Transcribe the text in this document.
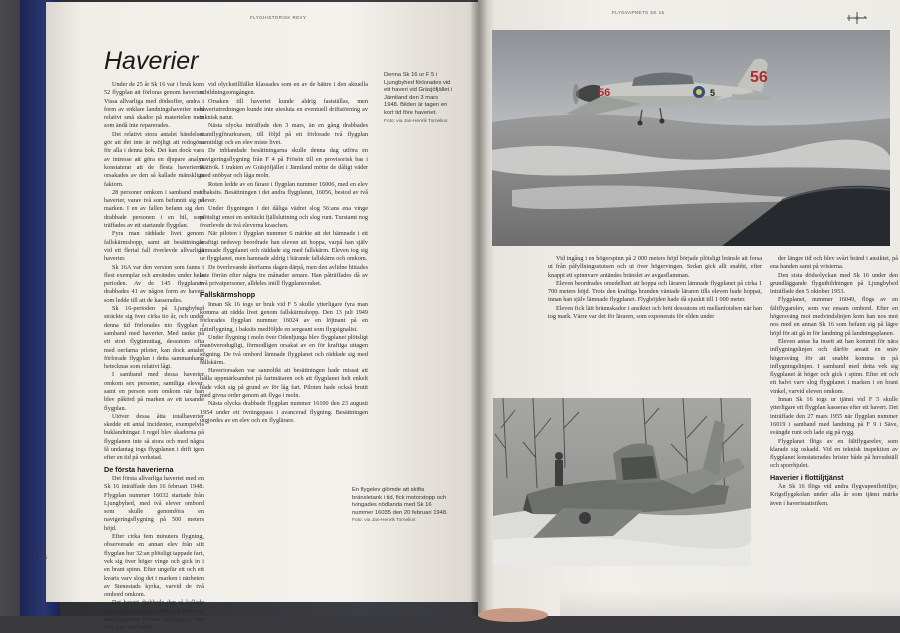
FLYGHISTORISK REVY
Haverier

Under de 25 år Sk 16 var i bruk kom 52 flygplan att förloras genom haverier. Vissa allvarliga med dödsoffer, andra i form av enklare landningshaverier med relativt små skador på materielen men som ändå inte reparerades.

Det relativt stora antalet händelser gör att det inte är möjligt att redogöra för alla i denna bok. Det kan dock vara av intresse att göra en djupare analys konstaterar att de flesta haverierna orsakades av den så kallade mänskliga faktorn.

28 personer omkom i samband med haverier, varav två som befunnit sig på marken. I en av fallen befann sig den drabbade personen i en bil, som träffades av ett startande flygplan.

Fyra man räddade livet genom fallskärmshopp, samt att besättningar vid ett flertal fall överlevde allvarliga haverier.

Sk 16A var den version som fanns i flest exemplar och användes under hela perioden. Av de 145 flygplanen drabbades 41 av någon form av haveri som ledde till att de kasserades.

Sk 16-perioden på Ljungbyhed sträckte sig över cirka tio år, och under denna tid förlorades nio flygplan i samband med haverier. Med tanke på ett stort flygtimuttag, dessutom ofta med oerfarna piloter, kan dock antalet förlorade flygplan i detta sammanhang betecknas som relativt lågt.

I samband med dessa haverier omkom sex personer, samtliga elever, samt en person som omkom när han blev påkörd på marken av ett taxande flygplan.

Utöver dessa åtta totalhaverier skedde ett antal incidenter, exempelvis buklandningar. I regel blev skadorna på flygplanen inte så stora och med några få undantag togs flygplanen i drift igen efter en tid på verkstad.

De första haverierna

Det första allvarliga haveriet med en Sk 16 inträffade den 16 februari 1948. Flygplan nummer 16032 startade från Ljungbyhed, med två elever ombord som skulle genomföra en navigeringsflygning på 500 meters höjd.

Efter cirka fem minuters flygning, observerade en annan elev från sitt flygplan hur 32:an plötsligt tappade fart, vek sig över höger vinge och gick in i en brant spinn. Efter ungefär ett och ett kvarts varv slog det i marken i närheten av Stenestads kyrka, varvid de två ombord omkom.

Det haveri drabbade den så kallade stamflygskolan, som utbildade blivande stamflygförare (senare fältflygare). Den elev som var förare

vid olyckstillfället klassades som en av de bättre i den aktuella utbildningsomgången.

Orsaken till haveriet kunde aldrig fastställas, men haveriutredningen kunde inte utesluta en eventuell driftstörning av teknisk natur.

Nästa olycka inträffade den 3 mars, än en gång drabbades stamflygförarkursen, till följd på ett förlorade två flygplan samtidigt och en elev miste livet.

De inblandade besättningarna skulle denna dag utföra en navigeringsflygning från F 4 på Frösön till en provisorisk bas i Rättvik. I trakten av Gräsjöfjället i Jämtland mötte de dåligt väder med snöbyar och låga moln.

Roten ledde av en färare i flygplan nummer 16006, med en elev i baksits. Besättningen i det andra flygplanet, 16056, bestod av två elever.

Under flygningen i det dåliga vädret slog 56:ans ena vinge plötsligt emot en snötäckt fjällsluttning och slog runt. Turstamt nog överlevde de två eleverna kraschen.

När piloten i flygplan nummer 6 märkte att det hämnade i ett kraftigt nedsvep beordrade han eleven att hoppa, varpå han själv lämnade flygplanet och räddade sig med fallskärm. Eleven tog sig ur flygplanet, men hamnade aldrig i bärande fallskärm och omkom.

De överlevande återfanns dagen därpå, men den avlidne hittades inte förrän efter några tre månader senare. Han påträffades då av två privatpersoner, alldeles intill flygplansvraket.

Fallskärmshopp

Innan Sk 16 togs ur bruk vid F 5 skulle ytterligare fyra man komma att rädda livet genom fallskärmshopp. Den 13 juli 1949 förlorades flygplan nummer 16024 av en löjtnant på en rutinflygning, i baksits medföljde en sergeant som flygsignalist.

Under flygning i moln över Odenljunga blev flygplanet plötsligt manöverodugligt, förmodligen orsakat av en för kraftiga uttagen stigning. De två ombord lämnade flygplanet och räddade sig med fallskärm.

Haveriorsaken var sannolikt att besättningen hade missat att hålla uppmärksamhet på fartmätaren och att flygplanet helt enkelt hade vikit sig på grund av för låg fart. Piloten hade också brutit med givna order genom att flyga i moln.

Nästa olycka drabbade flygplan nummer 16100 den 23 augusti 1954 under ett övningspass i avancerad flygning. Besättningen utgjordes av en elev och en flyglärare.

Denna Sk 16 ur F 5 i Ljungbyhed förlorades vid ett haveri vid Gräsjöfjället i Jämtland den 3 mars 1948. Bilden är tagen en kort tid före haveriet.
Foto: via Jan-Henrik Tornelius
En flygelev glömde att skifta bränsletank i tid, fick motorstopp och tvingades nödlanda med Sk 16 nummer 16035 den 20 februari 1948.
Foto: via Jan-Henrik Tornelius
106
FLYGVAPNETS SK 16
56
56
5

Vid ingång i en högerspinn på 2 000 meters höjd började plötsligt bränsle att forsa ut från påfyllningsstutsen och ut över högervingen. Sedan gick allt snabbt, efter knappt ett spinnvarv antändes bränslet av avgasflamman.

Eleven beordrades omedelbart att hoppa och läraren lämnade flygplanet på cirka 1 700 meters höjd. Trots den kraftiga branden väntade läraren tills eleven hade hoppat, innan han själv lämnade flygplanet. Flyghöjden hade då sjunkit till 1 000 meter.

Eleven fick lätt brännskador i ansiktet och bröt dessutom ett mellanfotsben när han tog mark. Värre var det för läraren, som exponerats för elden under

der längre tid och blev svårt bränd i ansiktet, på ena handen samt på vristerna.

Den sista dödsolyckan med Sk 16 under den grundläggande flygutbildningen på Ljungbyhed inträffade den 5 oktober 1953.

Flygplanet, nummer 16049, flögs av en fältflygarelev, som var ensam ombord. Efter en högersväng mot medvindslinjen kom han nos mot nos med en annan Sk 16 som befann sig på lägre höjd för att gå in för landning på landningsplanen.

Eleven antas ha insett att han kommit för nära inflygningslinjen och därför ansatt en snäv högersväng för att snabbt komma in på inflygningslinjen. I samband med detta vek sig flygplanet åt höger och gick i spinn. Efter ett och ett halvt varv slog flygplanet i marken i en brant vinkel, varvid eleven omkom.

Innan Sk 16 togs ur tjänst vid F 5 skulle ytterligare ett flygplan kasseras efter ett haveri. Det inträffade den 27 mars 1955 när flygplan nummer 16019 i samband med landning på F 9 i Säve, svängde runt och lade sig på rygg.

Flygplanet flögs av en fältflygarelev, som klarade sig oskadd. Vid en teknisk inspektion av flygplanet konstaterades brister både på huvudställ och sporrhjulet.

Haverier i flottiljtjänst

Än Sk 16 flögs vid andra flygvapenflottiljer, Krigsflygskolan under alla år som tjänst märks även i haveristatistiken.
